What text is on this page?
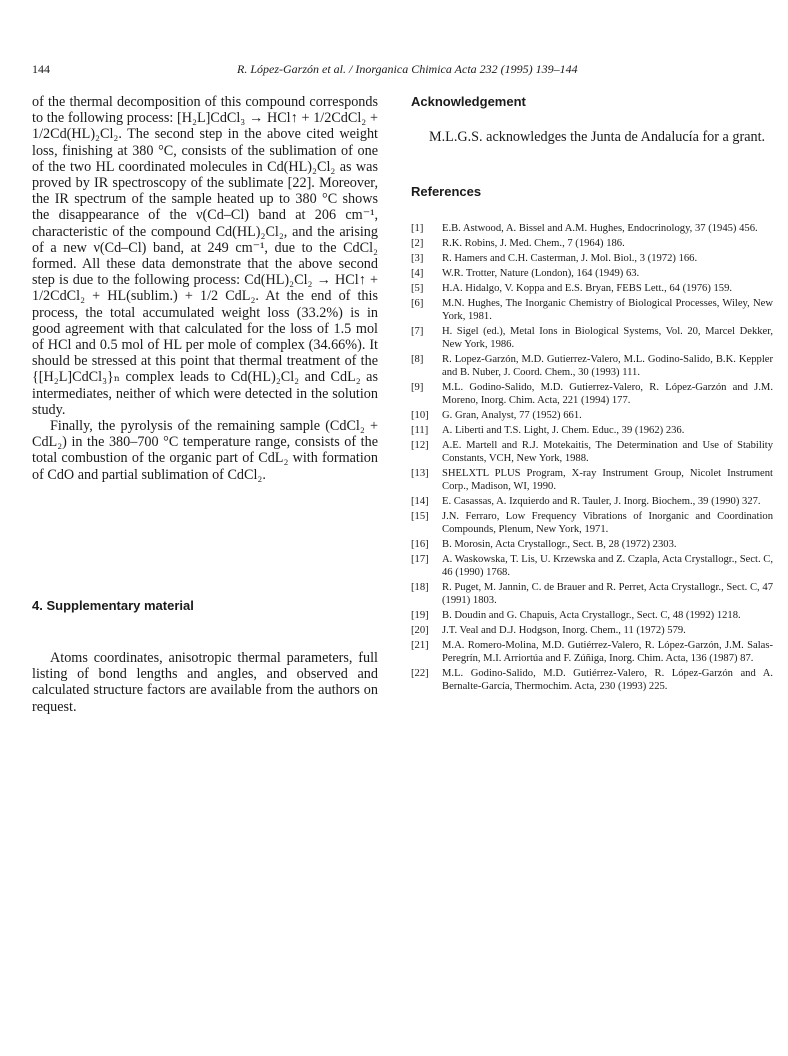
144	R. López-Garzón et al. / Inorganica Chimica Acta 232 (1995) 139–144

of the thermal decomposition of this compound corresponds to the following process: [H₂L]CdCl₃ → HCl↑ + 1/2CdCl₂ + 1/2Cd(HL)₂Cl₂. The second step in the above cited weight loss, finishing at 380 °C, consists of the sublimation of one of the two HL coordinated molecules in Cd(HL)₂Cl₂ as was proved by IR spectroscopy of the sublimate [22]. Moreover, the IR spectrum of the sample heated up to 380 °C shows the disappearance of the ν(Cd–Cl) band at 206 cm⁻¹, characteristic of the compound Cd(HL)₂Cl₂, and the arising of a new ν(Cd–Cl) band, at 249 cm⁻¹, due to the CdCl₂ formed. All these data demonstrate that the above second step is due to the following process: Cd(HL)₂Cl₂ → HCl↑ + 1/2CdCl₂ + HL(sublim.) + 1/2 CdL₂. At the end of this process, the total accumulated weight loss (33.2%) is in good agreement with that calculated for the loss of 1.5 mol of HCl and 0.5 mol of HL per mole of complex (34.66%). It should be stressed at this point that thermal treatment of the {[H₂L]CdCl₃}ₙ complex leads to Cd(HL)₂Cl₂ and CdL₂ as intermediates, neither of which were detected in the solution study.

Finally, the pyrolysis of the remaining sample (CdCl₂ + CdL₂) in the 380–700 °C temperature range, consists of the total combustion of the organic part of CdL₂ with formation of CdO and partial sublimation of CdCl₂.

4. Supplementary material

Atoms coordinates, anisotropic thermal parameters, full listing of bond lengths and angles, and observed and calculated structure factors are available from the authors on request.

Acknowledgement

M.L.G.S. acknowledges the Junta de Andalucía for a grant.

References
[1] E.B. Astwood, A. Bissel and A.M. Hughes, Endocrinology, 37 (1945) 456.
[2] R.K. Robins, J. Med. Chem., 7 (1964) 186.
[3] R. Hamers and C.H. Casterman, J. Mol. Biol., 3 (1972) 166.
[4] W.R. Trotter, Nature (London), 164 (1949) 63.
[5] H.A. Hidalgo, V. Koppa and E.S. Bryan, FEBS Lett., 64 (1976) 159.
[6] M.N. Hughes, The Inorganic Chemistry of Biological Processes, Wiley, New York, 1981.
[7] H. Sigel (ed.), Metal Ions in Biological Systems, Vol. 20, Marcel Dekker, New York, 1986.
[8] R. Lopez-Garzón, M.D. Gutierrez-Valero, M.L. Godino-Salido, B.K. Keppler and B. Nuber, J. Coord. Chem., 30 (1993) 111.
[9] M.L. Godino-Salido, M.D. Gutierrez-Valero, R. López-Garzón and J.M. Moreno, Inorg. Chim. Acta, 221 (1994) 177.
[10] G. Gran, Analyst, 77 (1952) 661.
[11] A. Liberti and T.S. Light, J. Chem. Educ., 39 (1962) 236.
[12] A.E. Martell and R.J. Motekaitis, The Determination and Use of Stability Constants, VCH, New York, 1988.
[13] SHELXTL PLUS Program, X-ray Instrument Group, Nicolet Instrument Corp., Madison, WI, 1990.
[14] E. Casassas, A. Izquierdo and R. Tauler, J. Inorg. Biochem., 39 (1990) 327.
[15] J.N. Ferraro, Low Frequency Vibrations of Inorganic and Coordination Compounds, Plenum, New York, 1971.
[16] B. Morosin, Acta Crystallogr., Sect. B, 28 (1972) 2303.
[17] A. Waskowska, T. Lis, U. Krzewska and Z. Czapla, Acta Crystallogr., Sect. C, 46 (1990) 1768.
[18] R. Puget, M. Jannin, C. de Brauer and R. Perret, Acta Crystallogr., Sect. C, 47 (1991) 1803.
[19] B. Doudin and G. Chapuis, Acta Crystallogr., Sect. C, 48 (1992) 1218.
[20] J.T. Veal and D.J. Hodgson, Inorg. Chem., 11 (1972) 579.
[21] M.A. Romero-Molina, M.D. Gutiérrez-Valero, R. López-Garzón, J.M. Salas-Peregrín, M.I. Arriortúa and F. Zúñiga, Inorg. Chim. Acta, 136 (1987) 87.
[22] M.L. Godino-Salido, M.D. Gutiérrez-Valero, R. López-Garzón and A. Bernalte-García, Thermochim. Acta, 230 (1993) 225.
